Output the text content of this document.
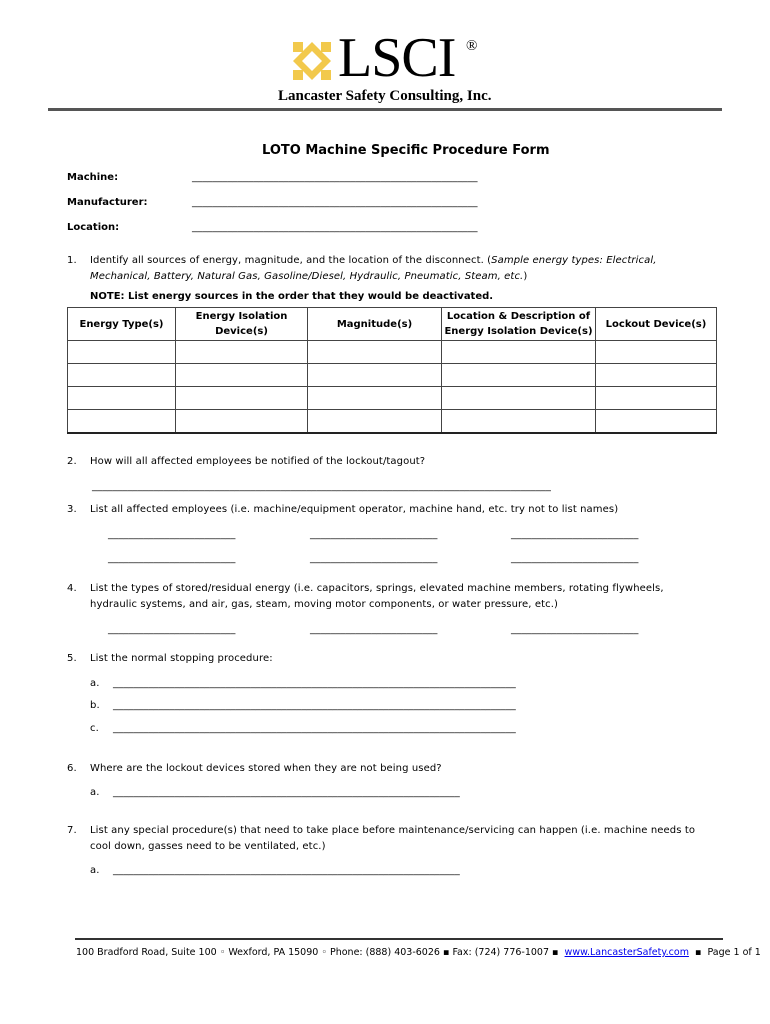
LSCI ®
Lancaster Safety Consulting, Inc.
LOTO Machine Specific Procedure Form
Machine:	________________________________________________________
Manufacturer:	________________________________________________________
Location:	________________________________________________________
1. Identify all sources of energy, magnitude, and the location of the disconnect. (Sample energy types: Electrical,
Mechanical, Battery, Natural Gas, Gasoline/Diesel, Hydraulic, Pneumatic, Steam, etc.)
NOTE: List energy sources in the order that they would be deactivated.
Energy Type(s)	Energy Isolation Device(s)	Magnitude(s)	Location & Description of Energy Isolation Device(s)	Lockout Device(s)

2. How will all affected employees be notified of the lockout/tagout?
__________________________________________________________________________________________
3. List all affected employees (i.e. machine/equipment operator, machine hand, etc. try not to list names)
_________________________	_________________________	_________________________
_________________________	_________________________	_________________________
4. List the types of stored/residual energy (i.e. capacitors, springs, elevated machine members, rotating flywheels,
hydraulic systems, and air, gas, steam, moving motor components, or water pressure, etc.)
_________________________	_________________________	_________________________
5. List the normal stopping procedure:
a. _______________________________________________________________________________
b. _______________________________________________________________________________
c. _______________________________________________________________________________
6. Where are the lockout devices stored when they are not being used?
a. ____________________________________________________________________
7. List any special procedure(s) that need to take place before maintenance/servicing can happen (i.e. machine needs to
cool down, gasses need to be ventilated, etc.)
a. ____________________________________________________________________
100 Bradford Road, Suite 100 ◦ Wexford, PA 15090 ◦ Phone: (888) 403-6026 ▪ Fax: (724) 776-1007 ▪ www.LancasterSafety.com ▪ Page 1 of 1
